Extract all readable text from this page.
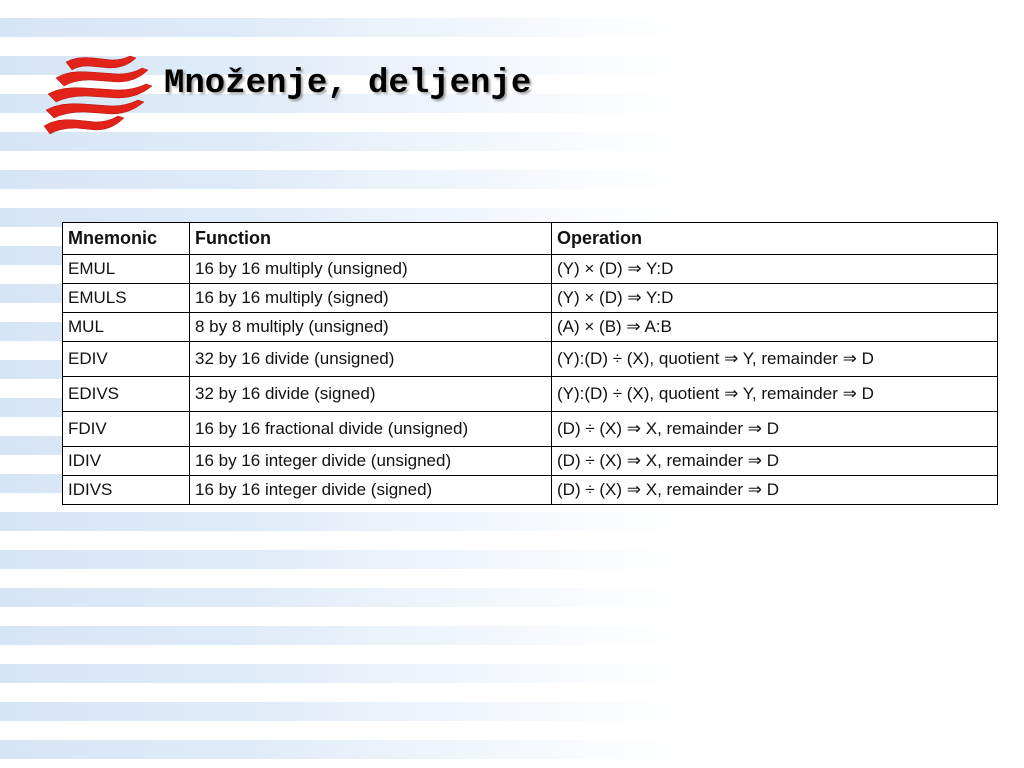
Množenje, deljenje
Mnemonic	Function	Operation
EMUL	16 by 16 multiply (unsigned)	(Y) × (D) ⇒ Y:D
EMULS	16 by 16 multiply (signed)	(Y) × (D) ⇒ Y:D
MUL	8 by 8 multiply (unsigned)	(A) × (B) ⇒ A:B
EDIV	32 by 16 divide (unsigned)	(Y):(D) ÷ (X), quotient ⇒ Y, remainder ⇒ D
EDIVS	32 by 16 divide (signed)	(Y):(D) ÷ (X), quotient ⇒ Y, remainder ⇒ D
FDIV	16 by 16 fractional divide (unsigned)	(D) ÷ (X) ⇒ X, remainder ⇒ D
IDIV	16 by 16 integer divide (unsigned)	(D) ÷ (X) ⇒ X, remainder ⇒ D
IDIVS	16 by 16 integer divide (signed)	(D) ÷ (X) ⇒ X, remainder ⇒ D
